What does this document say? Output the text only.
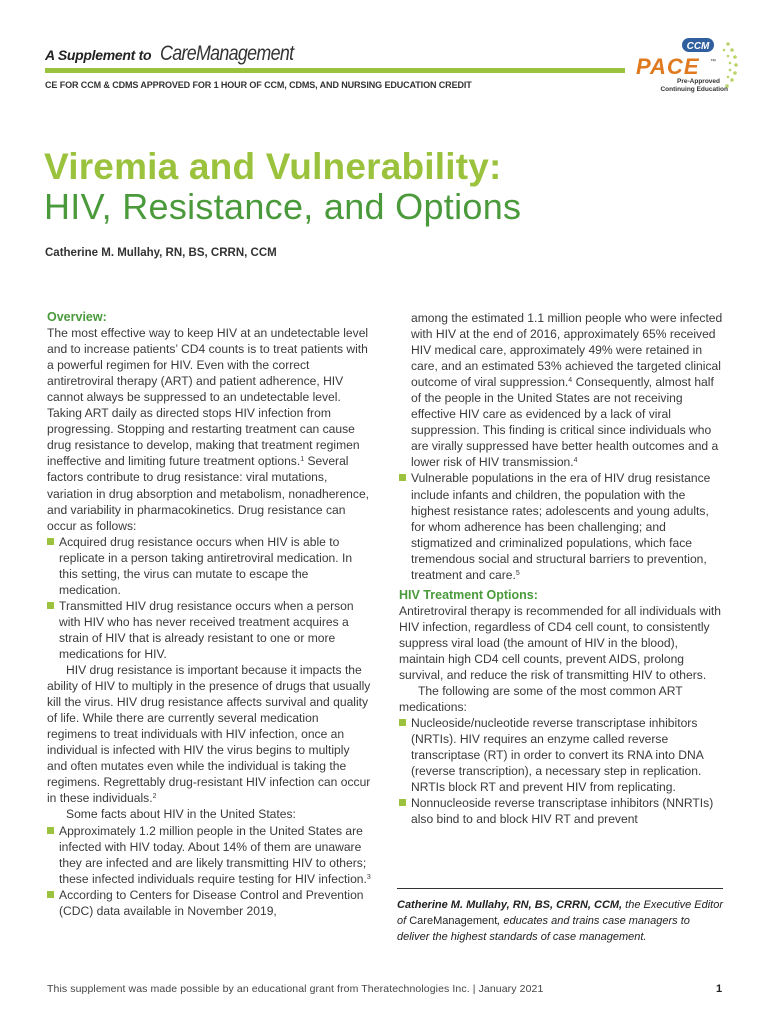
A Supplement to CareManagement
CE FOR CCM & CDMS APPROVED FOR 1 HOUR OF CCM, CDMS, AND NURSING EDUCATION CREDIT
CCM
PACE ™
Pre-Approved
Continuing Education
Viremia and Vulnerability:
HIV, Resistance, and Options
Catherine M. Mullahy, RN, BS, CRRN, CCM

Overview:

The most effective way to keep HIV at an undetectable level and to increase patients’ CD4 counts is to treat patients with a powerful regimen for HIV. Even with the correct antiretroviral therapy (ART) and patient adherence, HIV cannot always be suppressed to an undetectable level. Taking ART daily as directed stops HIV infection from progressing. Stopping and restarting treatment can cause drug resistance to develop, making that treatment regimen ineffective and limiting future treatment options.$^1$ Several factors contribute to drug resistance: viral mutations, variation in drug absorption and metabolism, nonadherence, and variability in pharmacokinetics. Drug resistance can occur as follows:

Acquired drug resistance occurs when HIV is able to replicate in a person taking antiretroviral medication. In this setting, the virus can mutate to escape the medication.

Transmitted HIV drug resistance occurs when a person with HIV who has never received treatment acquires a strain of HIV that is already resistant to one or more medications for HIV.

HIV drug resistance is important because it impacts the ability of HIV to multiply in the presence of drugs that usually kill the virus. HIV drug resistance affects survival and quality of life. While there are currently several medication regimens to treat individuals with HIV infection, once an individual is infected with HIV the virus begins to multiply and often mutates even while the individual is taking the regimens. Regrettably drug-resistant HIV infection can occur in these individuals.$^2$

Some facts about HIV in the United States:

Approximately 1.2 million people in the United States are infected with HIV today. About 14% of them are unaware they are infected and are likely transmitting HIV to others; these infected individuals require testing for HIV infection.$^3$

According to Centers for Disease Control and Prevention (CDC) data available in November 2019,

among the estimated 1.1 million people who were infected with HIV at the end of 2016, approximately 65% received HIV medical care, approximately 49% were retained in care, and an estimated 53% achieved the targeted clinical outcome of viral suppression.$^4$ Consequently, almost half of the people in the United States are not receiving effective HIV care as evidenced by a lack of viral suppression. This finding is critical since individuals who are virally suppressed have better health outcomes and a lower risk of HIV transmission.$^4$

Vulnerable populations in the era of HIV drug resistance include infants and children, the population with the highest resistance rates; adolescents and young adults, for whom adherence has been challenging; and stigmatized and criminalized populations, which face tremendous social and structural barriers to prevention, treatment and care.$^5$

HIV Treatment Options:

Antiretroviral therapy is recommended for all individuals with HIV infection, regardless of CD4 cell count, to consistently suppress viral load (the amount of HIV in the blood), maintain high CD4 cell counts, prevent AIDS, prolong survival, and reduce the risk of transmitting HIV to others.

The following are some of the most common ART medications:

Nucleoside/nucleotide reverse transcriptase inhibitors (NRTIs). HIV requires an enzyme called reverse transcriptase (RT) in order to convert its RNA into DNA (reverse transcription), a necessary step in replication. NRTIs block RT and prevent HIV from replicating.

Nonnucleoside reverse transcriptase inhibitors (NNRTIs) also bind to and block HIV RT and prevent

Catherine M. Mullahy, RN, BS, CRRN, CCM, the Executive Editor of CareManagement, educates and trains case managers to deliver the highest standards of case management.
This supplement was made possible by an educational grant from Theratechnologies Inc. | January 2021	1
